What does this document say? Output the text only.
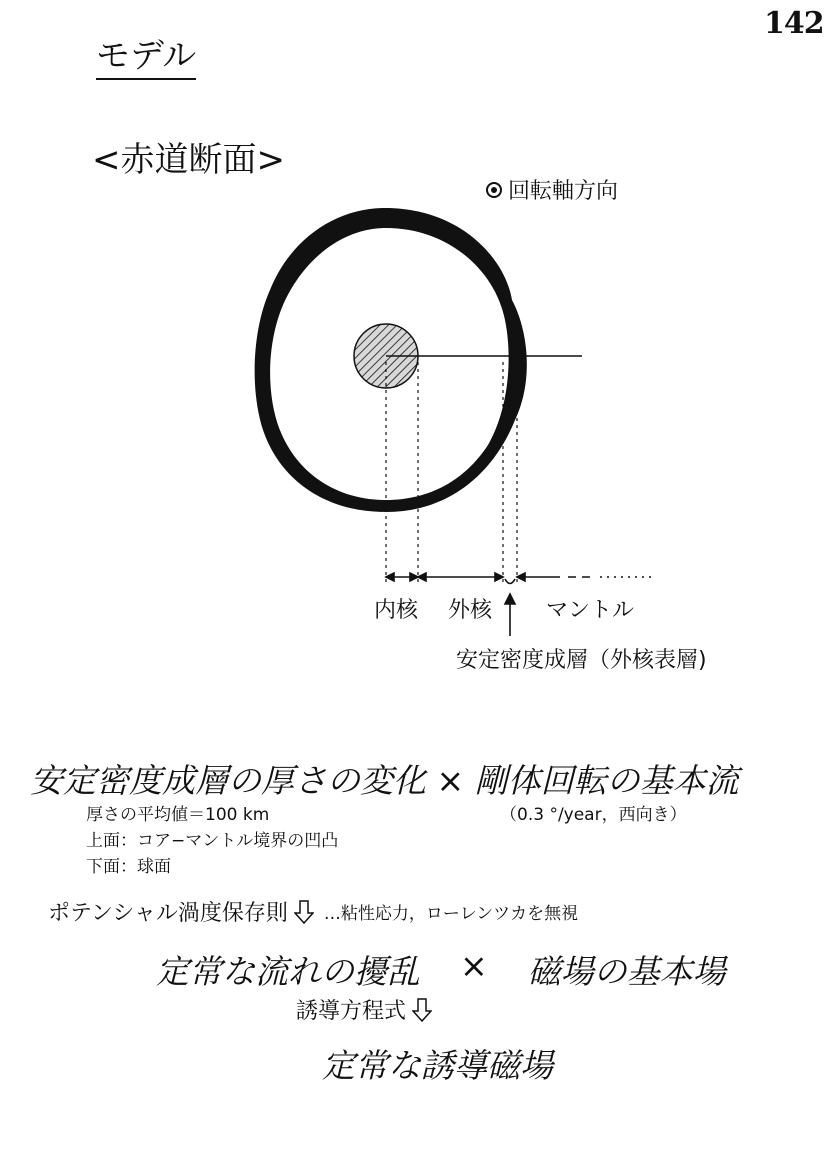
142
モデル
<赤道断面>
回転軸方向
内核 外核 マントル
安定密度成層（外核表層)
安定密度成層の厚さの変化 × 剛体回転の基本流
厚さの平均値＝100 km	（0.3 °/year，西向き）
上面：コア−マントル境界の凹凸
下面：球面
ポテンシャル渦度保存則 …粘性応力，ローレンツカを無視
定常な流れの擾乱 × 磁場の基本場
誘導方程式
定常な誘導磁場
